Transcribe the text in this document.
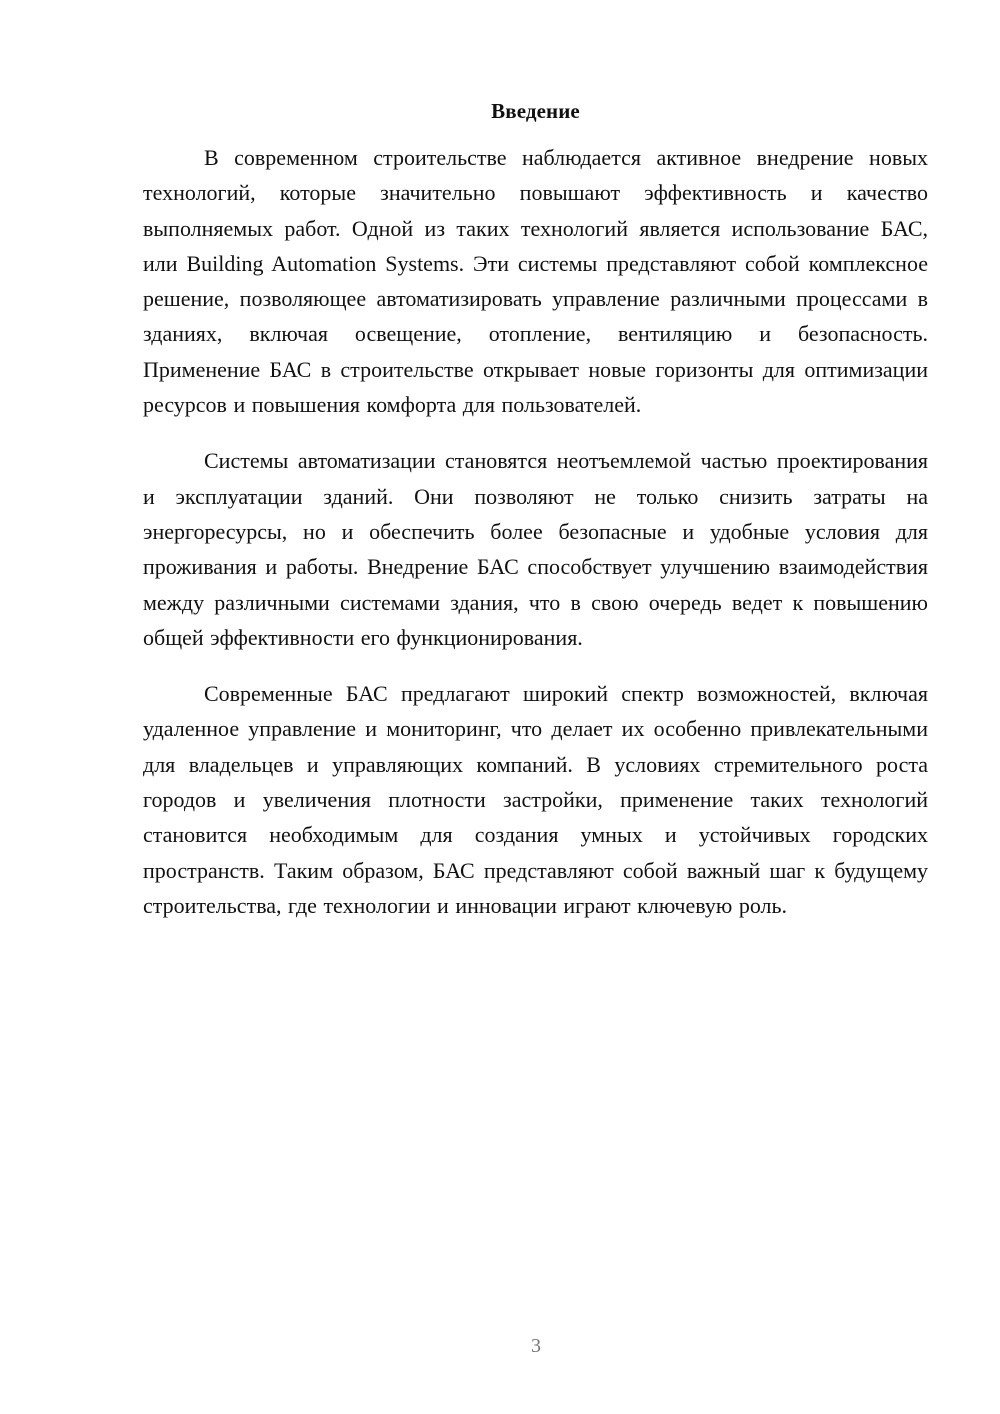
Введение

В современном строительстве наблюдается активное внедрение новых технологий, которые значительно повышают эффективность и качество выполняемых работ. Одной из таких технологий является использование БАС, или Building Automation Systems. Эти системы представляют собой комплексное решение, позволяющее автоматизировать управление различными процессами в зданиях, включая освещение, отопление, вентиляцию и безопасность. Применение БАС в строительстве открывает новые горизонты для оптимизации ресурсов и повышения комфорта для пользователей.

Системы автоматизации становятся неотъемлемой частью проектирования и эксплуатации зданий. Они позволяют не только снизить затраты на энергоресурсы, но и обеспечить более безопасные и удобные условия для проживания и работы. Внедрение БАС способствует улучшению взаимодействия между различными системами здания, что в свою очередь ведет к повышению общей эффективности его функционирования.

Современные БАС предлагают широкий спектр возможностей, включая удаленное управление и мониторинг, что делает их особенно привлекательными для владельцев и управляющих компаний. В условиях стремительного роста городов и увеличения плотности застройки, применение таких технологий становится необходимым для создания умных и устойчивых городских пространств. Таким образом, БАС представляют собой важный шаг к будущему строительства, где технологии и инновации играют ключевую роль.

3
